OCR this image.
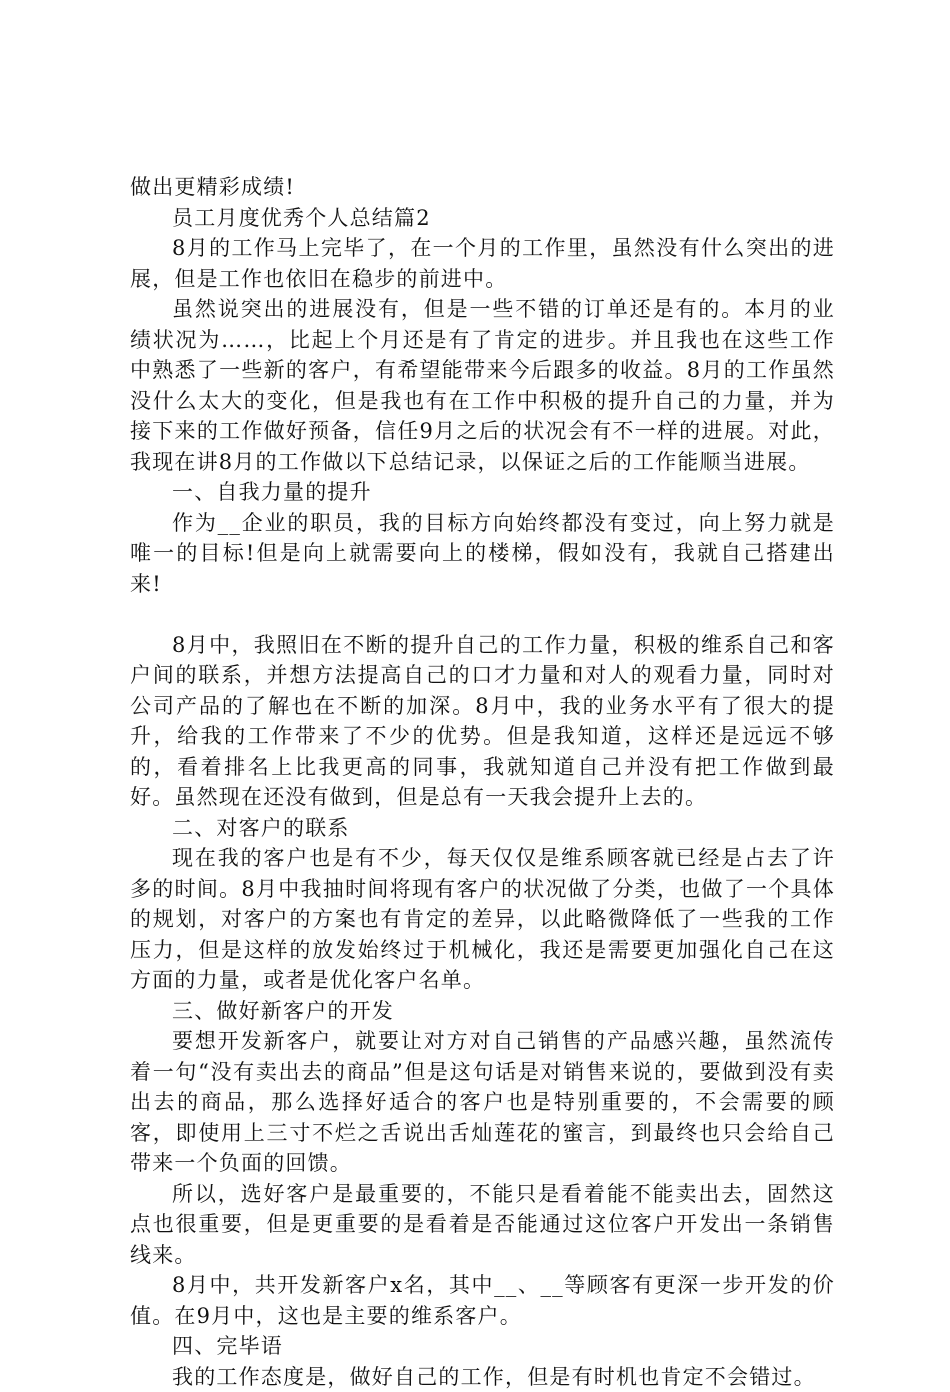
做出更精彩成绩!

员工月度优秀个人总结篇2

8月的工作马上完毕了，在一个月的工作里，虽然没有什么突出的进展，但是工作也依旧在稳步的前进中。

虽然说突出的进展没有，但是一些不错的订单还是有的。本月的业绩状况为……，比起上个月还是有了肯定的进步。并且我也在这些工作中熟悉了一些新的客户，有希望能带来今后跟多的收益。8月的工作虽然没什么太大的变化，但是我也有在工作中积极的提升自己的力量，并为接下来的工作做好预备，信任9月之后的状况会有不一样的进展。对此，我现在讲8月的工作做以下总结记录，以保证之后的工作能顺当进展。

一、自我力量的提升

作为__企业的职员，我的目标方向始终都没有变过，向上努力就是唯一的目标!但是向上就需要向上的楼梯，假如没有，我就自己搭建出来!

8月中，我照旧在不断的提升自己的工作力量，积极的维系自己和客户间的联系，并想方法提高自己的口才力量和对人的观看力量，同时对公司产品的了解也在不断的加深。8月中，我的业务水平有了很大的提升，给我的工作带来了不少的优势。但是我知道，这样还是远远不够的，看着排名上比我更高的同事，我就知道自己并没有把工作做到最好。虽然现在还没有做到，但是总有一天我会提升上去的。

二、对客户的联系

现在我的客户也是有不少，每天仅仅是维系顾客就已经是占去了许多的时间。8月中我抽时间将现有客户的状况做了分类，也做了一个具体的规划，对客户的方案也有肯定的差异，以此略微降低了一些我的工作压力，但是这样的放发始终过于机械化，我还是需要更加强化自己在这方面的力量，或者是优化客户名单。

三、做好新客户的开发

要想开发新客户，就要让对方对自己销售的产品感兴趣，虽然流传着一句“没有卖出去的商品”但是这句话是对销售来说的，要做到没有卖出去的商品，那么选择好适合的客户也是特别重要的，不会需要的顾客，即使用上三寸不烂之舌说出舌灿莲花的蜜言，到最终也只会给自己带来一个负面的回馈。

所以，选好客户是最重要的，不能只是看着能不能卖出去，固然这点也很重要，但是更重要的是看着是否能通过这位客户开发出一条销售线来。

8月中，共开发新客户x名，其中__、__等顾客有更深一步开发的价值。在9月中，这也是主要的维系客户。

四、完毕语

我的工作态度是，做好自己的工作，但是有时机也肯定不会错过。
